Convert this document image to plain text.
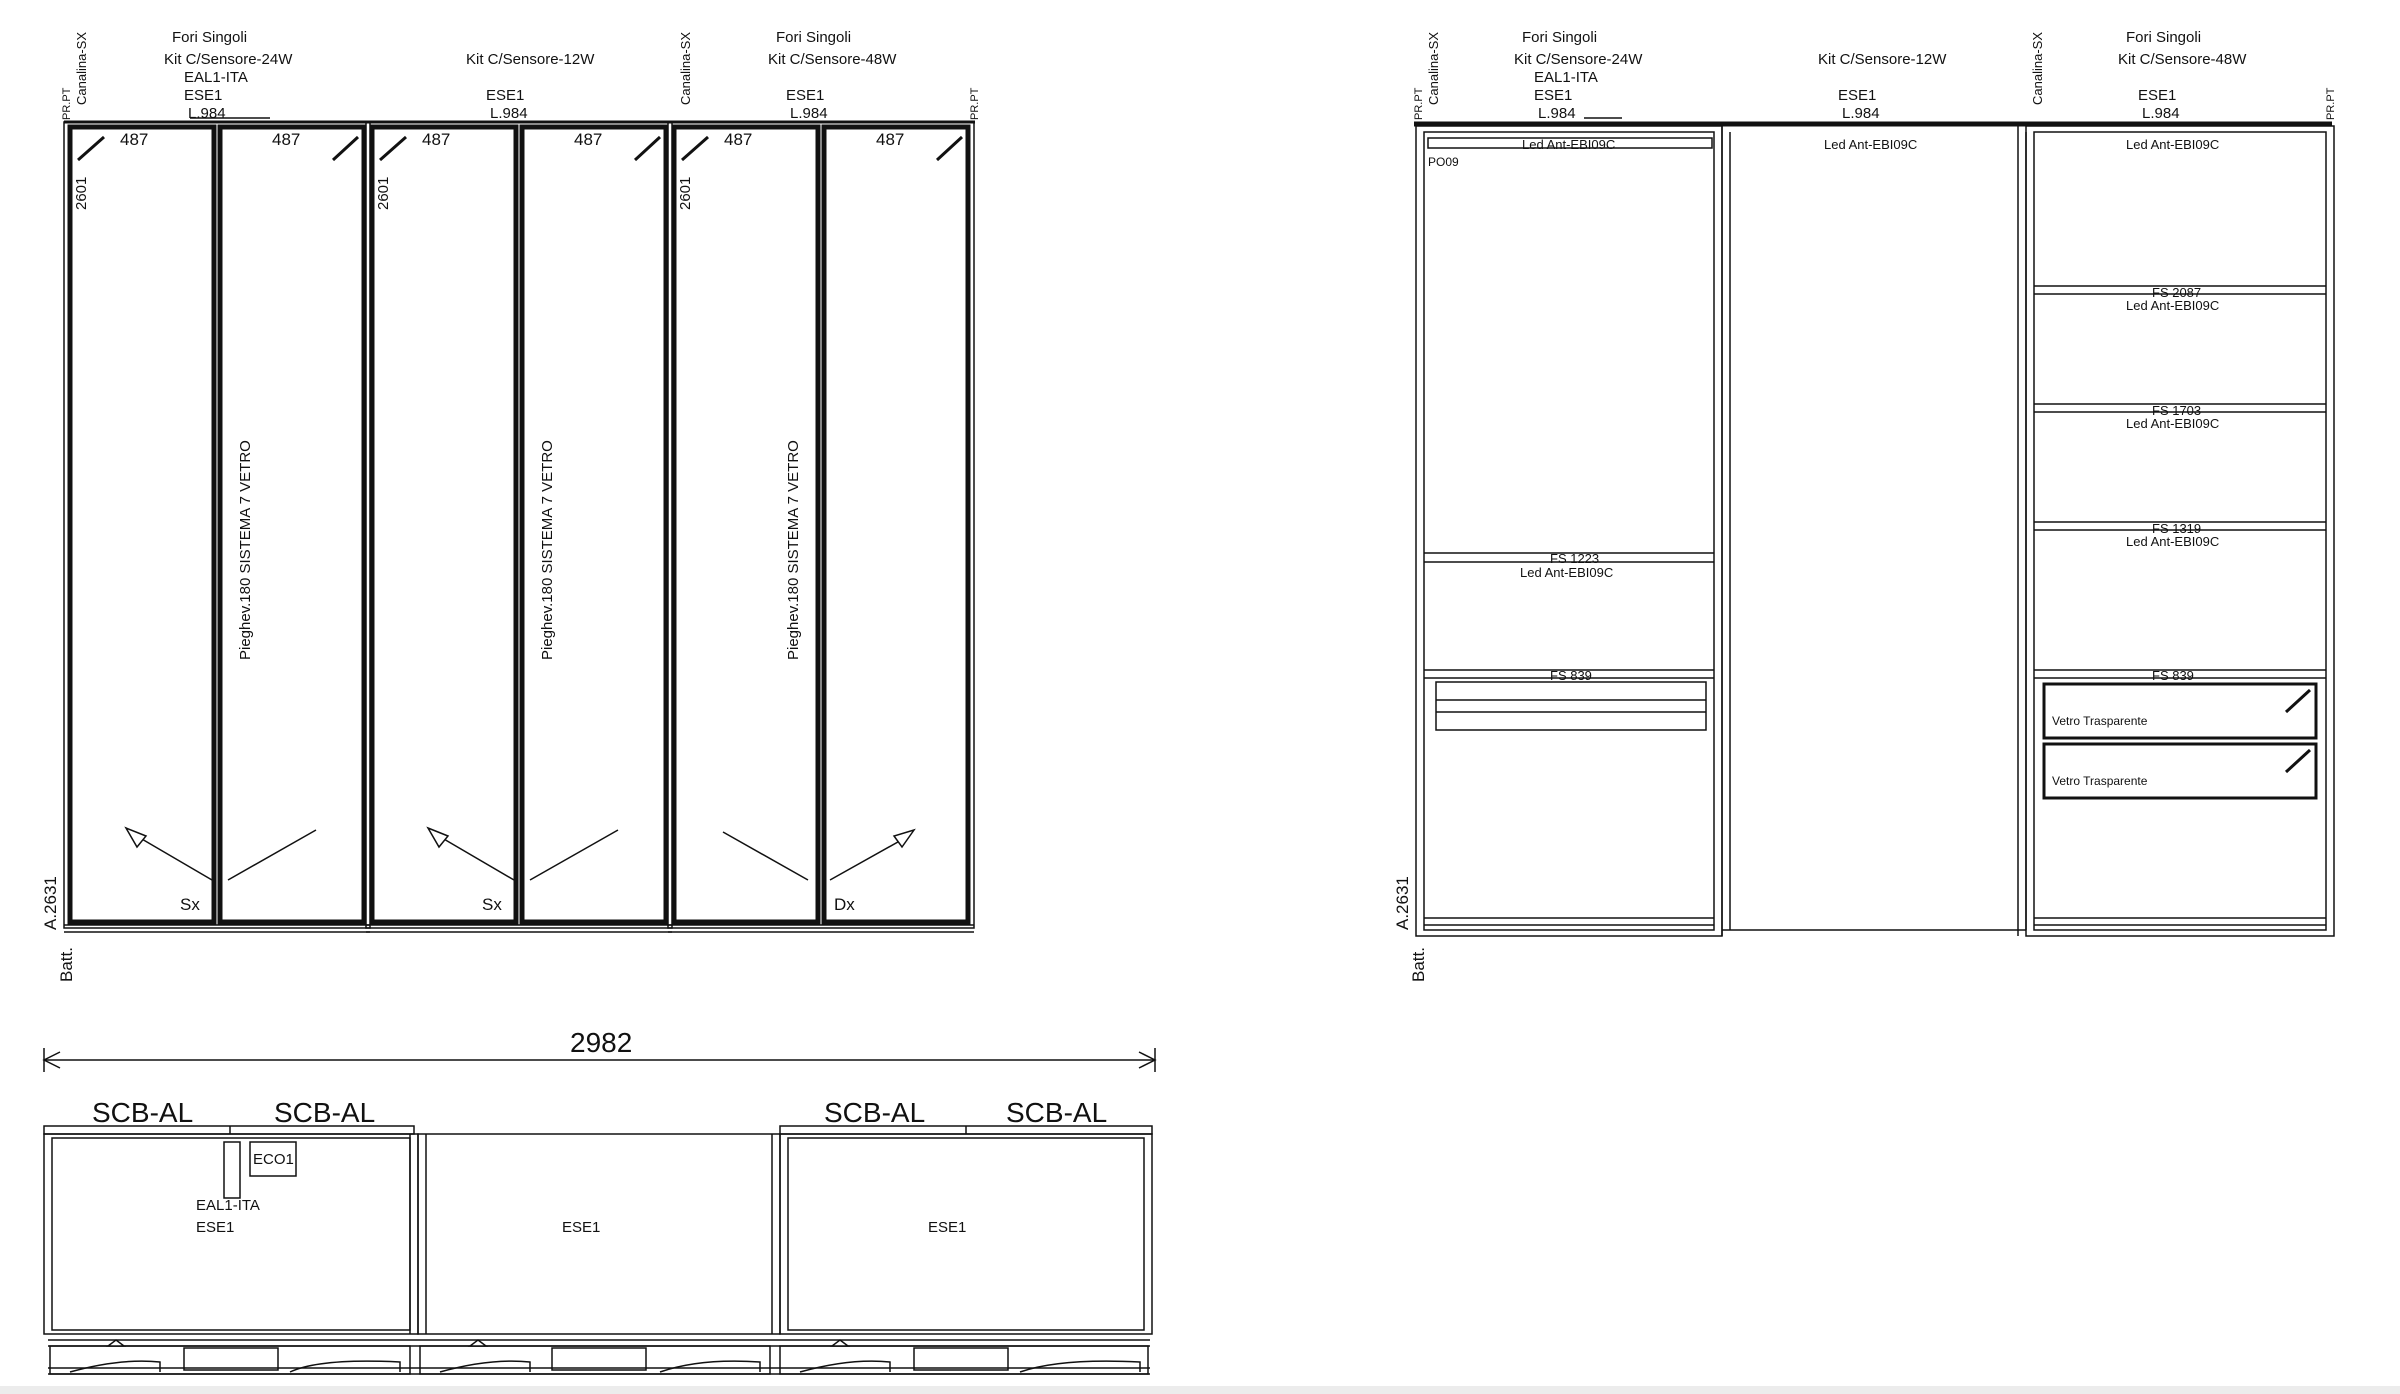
487	487	487	487	487	487
2601	2601	2601
Pieghev.180 SISTEMA 7 VETRO	Pieghev.180 SISTEMA 7 VETRO	Pieghev.180 SISTEMA 7 VETRO
Sx	Sx	Dx
PR.PT Canalina-SX	Fori Singoli
Kit C/Sensore-24W
EAL1-ITA
ESE1
L.984
Kit C/Sensore-12W
ESE1
L.984
Canalina-SX	Fori Singoli
Kit C/Sensore-48W
ESE1
L.984	PR.PT
A.2631
Batt.
Led Ant-EBI09C	Led Ant-EBI09C	Led Ant-EBI09C
PO09
FS 1223
Led Ant-EBI09C
FS 839
FS 2087
Led Ant-EBI09C
FS 1703
Led Ant-EBI09C
FS 1319
Led Ant-EBI09C
FS 839
Vetro Trasparente
Vetro Trasparente
PR.PT Canalina-SX	Fori Singoli
Kit C/Sensore-24W
EAL1-ITA
ESE1
L.984
Kit C/Sensore-12W
ESE1
L.984
Canalina-SX	Fori Singoli
Kit C/Sensore-48W
ESE1
L.984	PR.PT
A.2631
Batt.
2982
SCB-AL	SCB-AL	SCB-AL	SCB-AL
ECO1
EAL1-ITA
ESE1	ESE1	ESE1
